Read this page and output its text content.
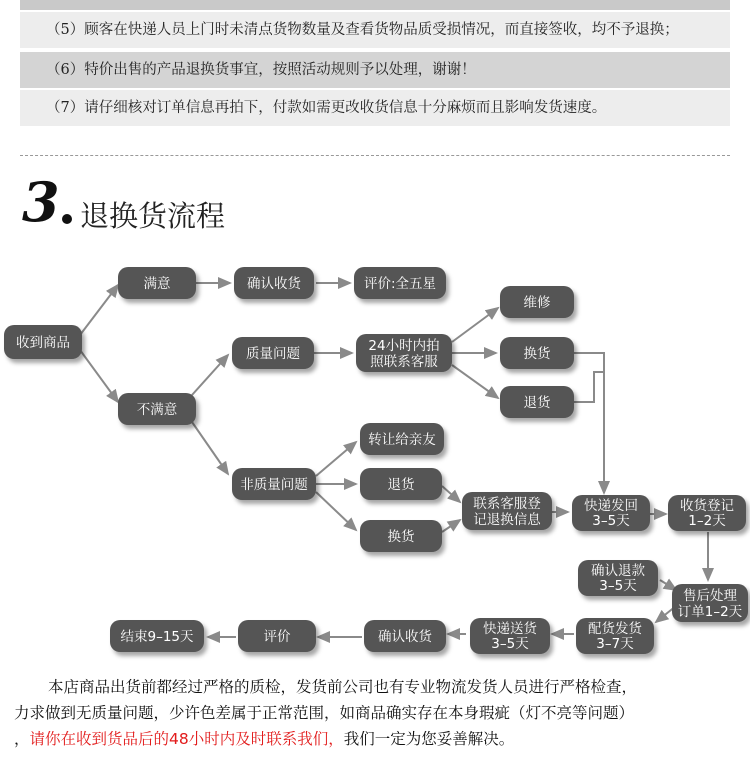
（5）顾客在快递人员上门时未清点货物数量及查看货物品质受损情况，而直接签收，均不予退换；
（6）特价出售的产品退换货事宜，按照活动规则予以处理，谢谢！
（7）请仔细核对订单信息再拍下，付款如需更改收货信息十分麻烦而且影响发货速度。
3 退换货流程
收到商品
满意	确认收货	评价:全五星
不满意
质量问题	24小时内拍
照联系客服
维修
换货
退货
非质量问题
转让给亲友
退货
换货
联系客服登
记退换信息
快递发回
3–5天
收货登记
1–2天
确认退款
3–5天
售后处理
订单1–2天
配货发货
3–7天
快递送货
3–5天
确认收货
评价
结束9–15天
本店商品出货前都经过严格的质检，发货前公司也有专业物流发货人员进行严格检查，
力求做到无质量问题，少许色差属于正常范围，如商品确实存在本身瑕疵（灯不亮等问题）
，请你在收到货品后的48小时内及时联系我们，我们一定为您妥善解决。
